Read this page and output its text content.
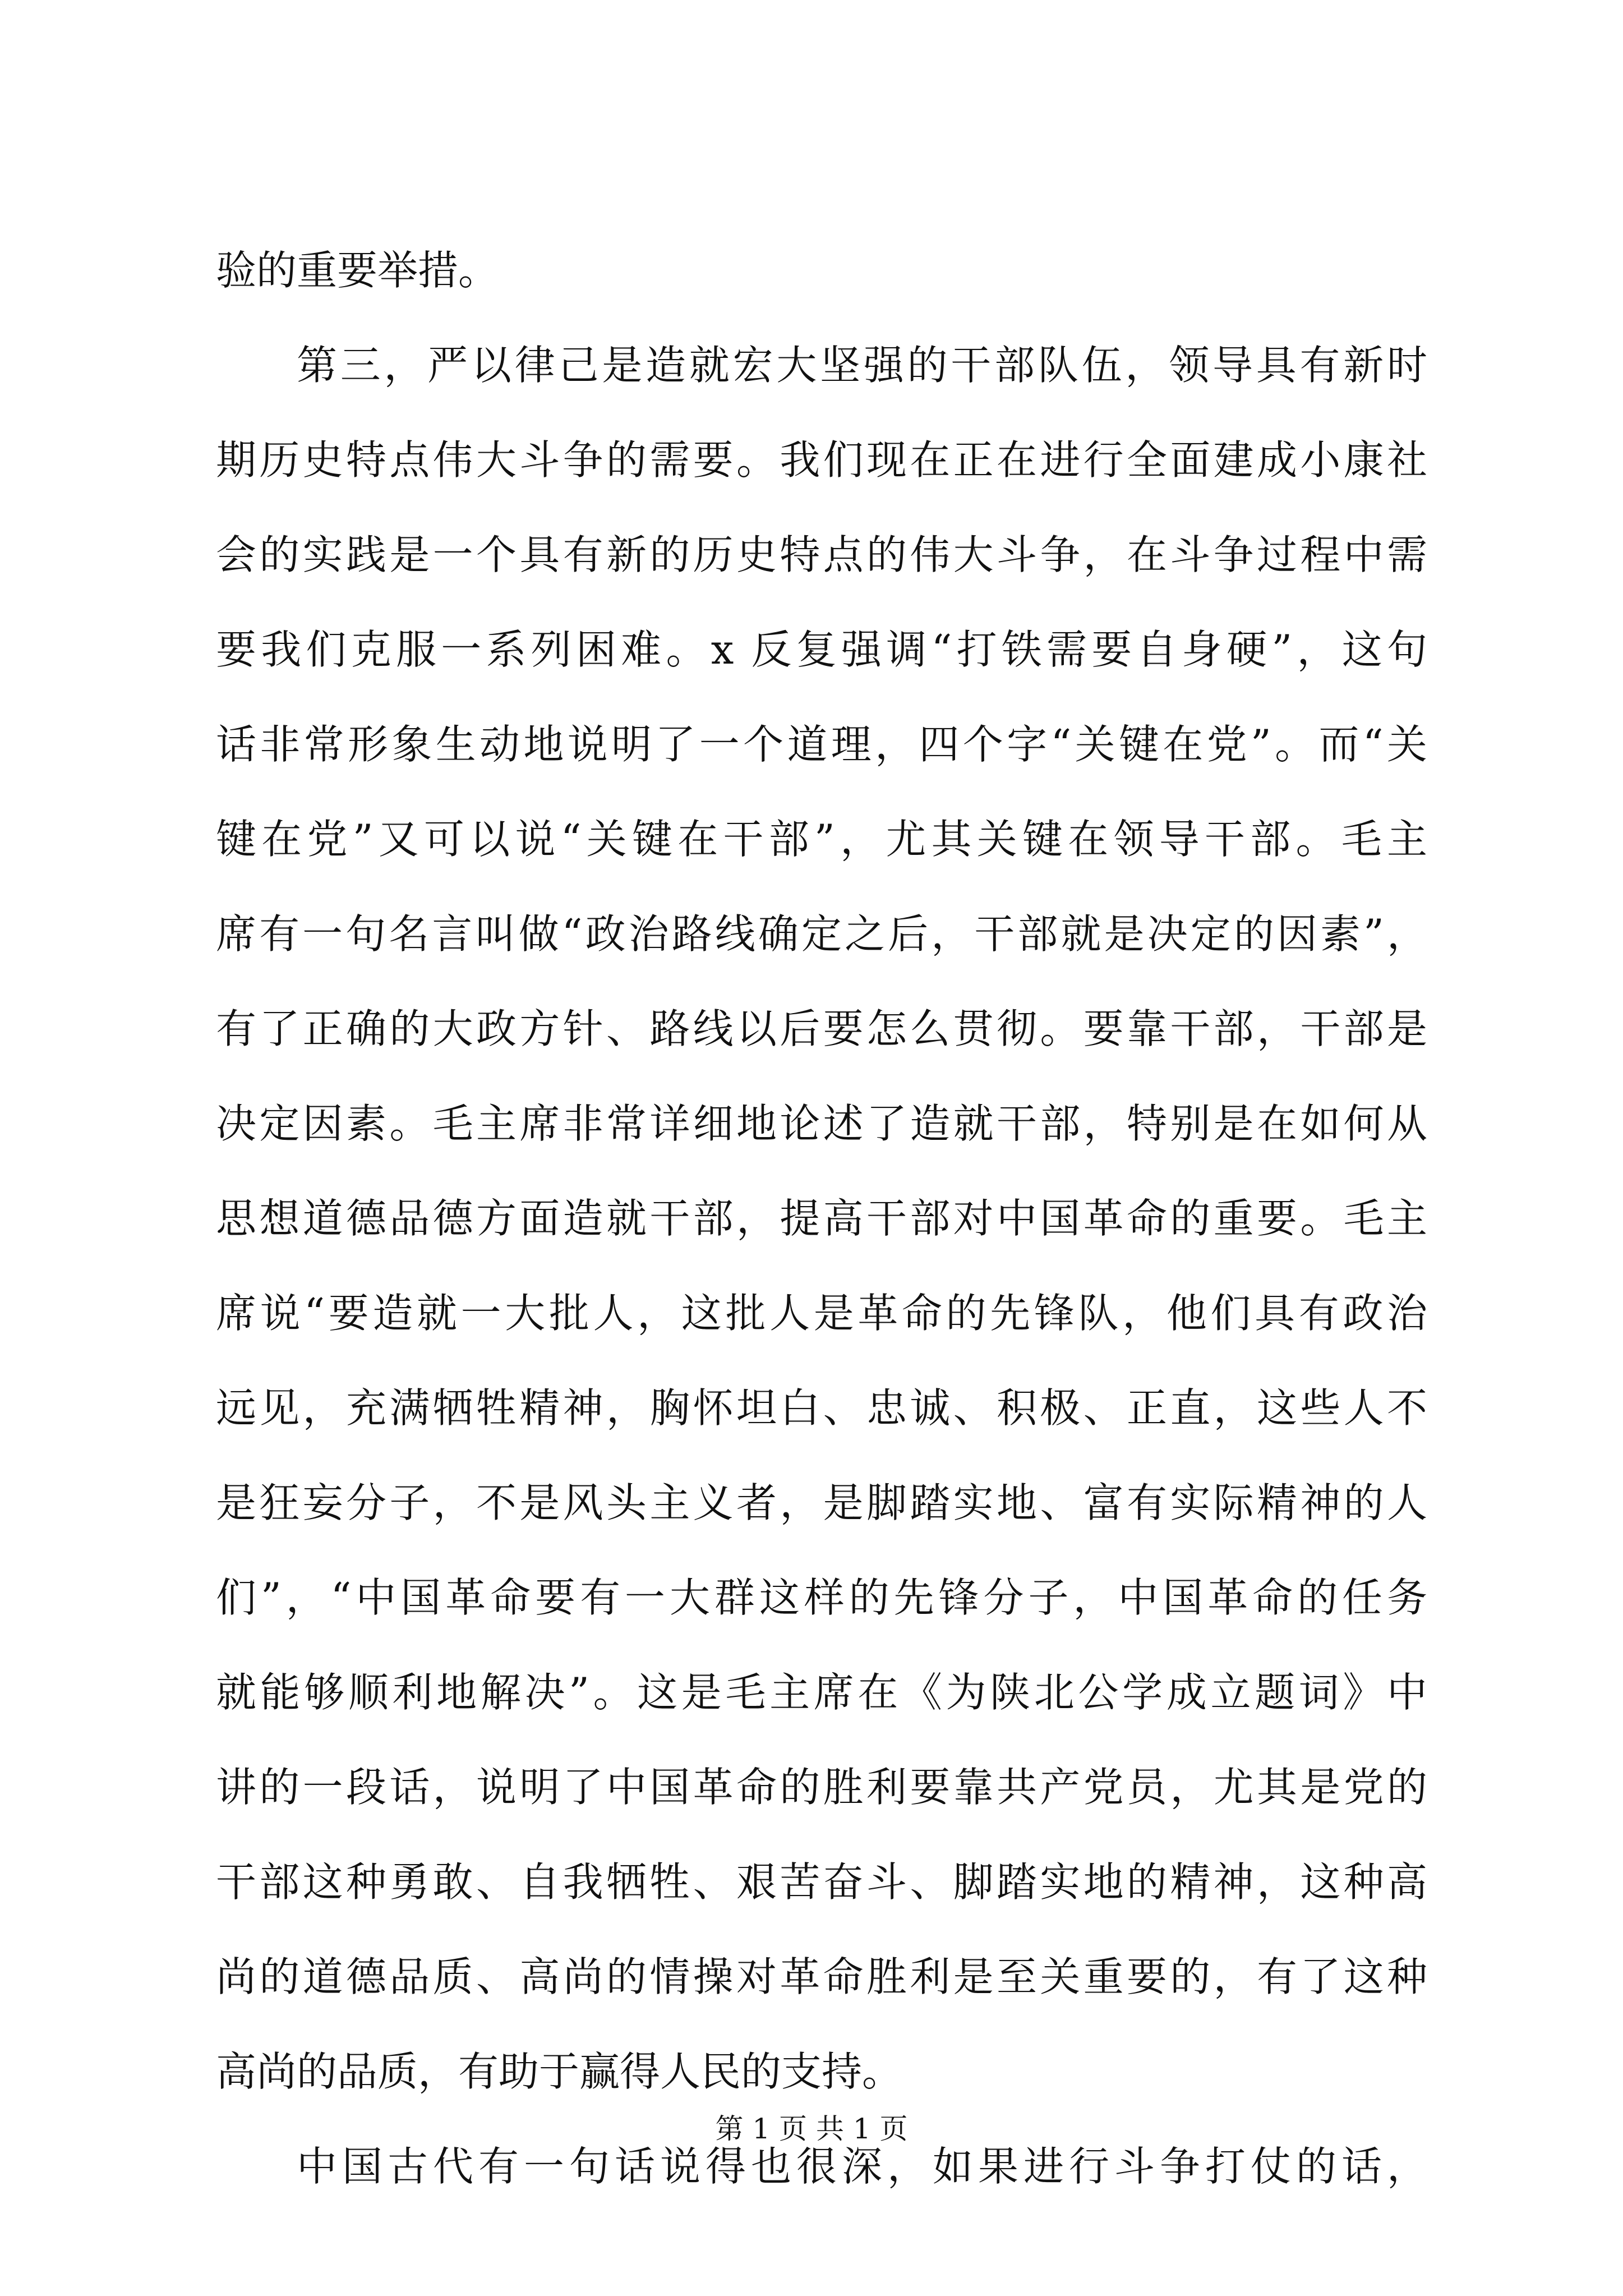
验的重要举措。
第三，严以律己是造就宏大坚强的干部队伍，领导具有新时
期历史特点伟大斗争的需要。我们现在正在进行全面建成小康社
会的实践是一个具有新的历史特点的伟大斗争，在斗争过程中需
要我们克服一系列困难。x 反复强调“打铁需要自身硬”，这句
话非常形象生动地说明了一个道理，四个字“关键在党”。而“关
键在党”又可以说“关键在干部”，尤其关键在领导干部。毛主
席有一句名言叫做“政治路线确定之后，干部就是决定的因素”，
有了正确的大政方针、路线以后要怎么贯彻。要靠干部，干部是
决定因素。毛主席非常详细地论述了造就干部，特别是在如何从
思想道德品德方面造就干部，提高干部对中国革命的重要。毛主
席说“要造就一大批人，这批人是革命的先锋队，他们具有政治
远见，充满牺牲精神，胸怀坦白、忠诚、积极、正直，这些人不
是狂妄分子，不是风头主义者，是脚踏实地、富有实际精神的人
们”，“中国革命要有一大群这样的先锋分子，中国革命的任务
就能够顺利地解决”。这是毛主席在《为陕北公学成立题词》中
讲的一段话，说明了中国革命的胜利要靠共产党员，尤其是党的
干部这种勇敢、自我牺牲、艰苦奋斗、脚踏实地的精神，这种高
尚的道德品质、高尚的情操对革命胜利是至关重要的，有了这种
高尚的品质，有助于赢得人民的支持。
中国古代有一句话说得也很深，如果进行斗争打仗的话，
第 1 页 共 1 页
